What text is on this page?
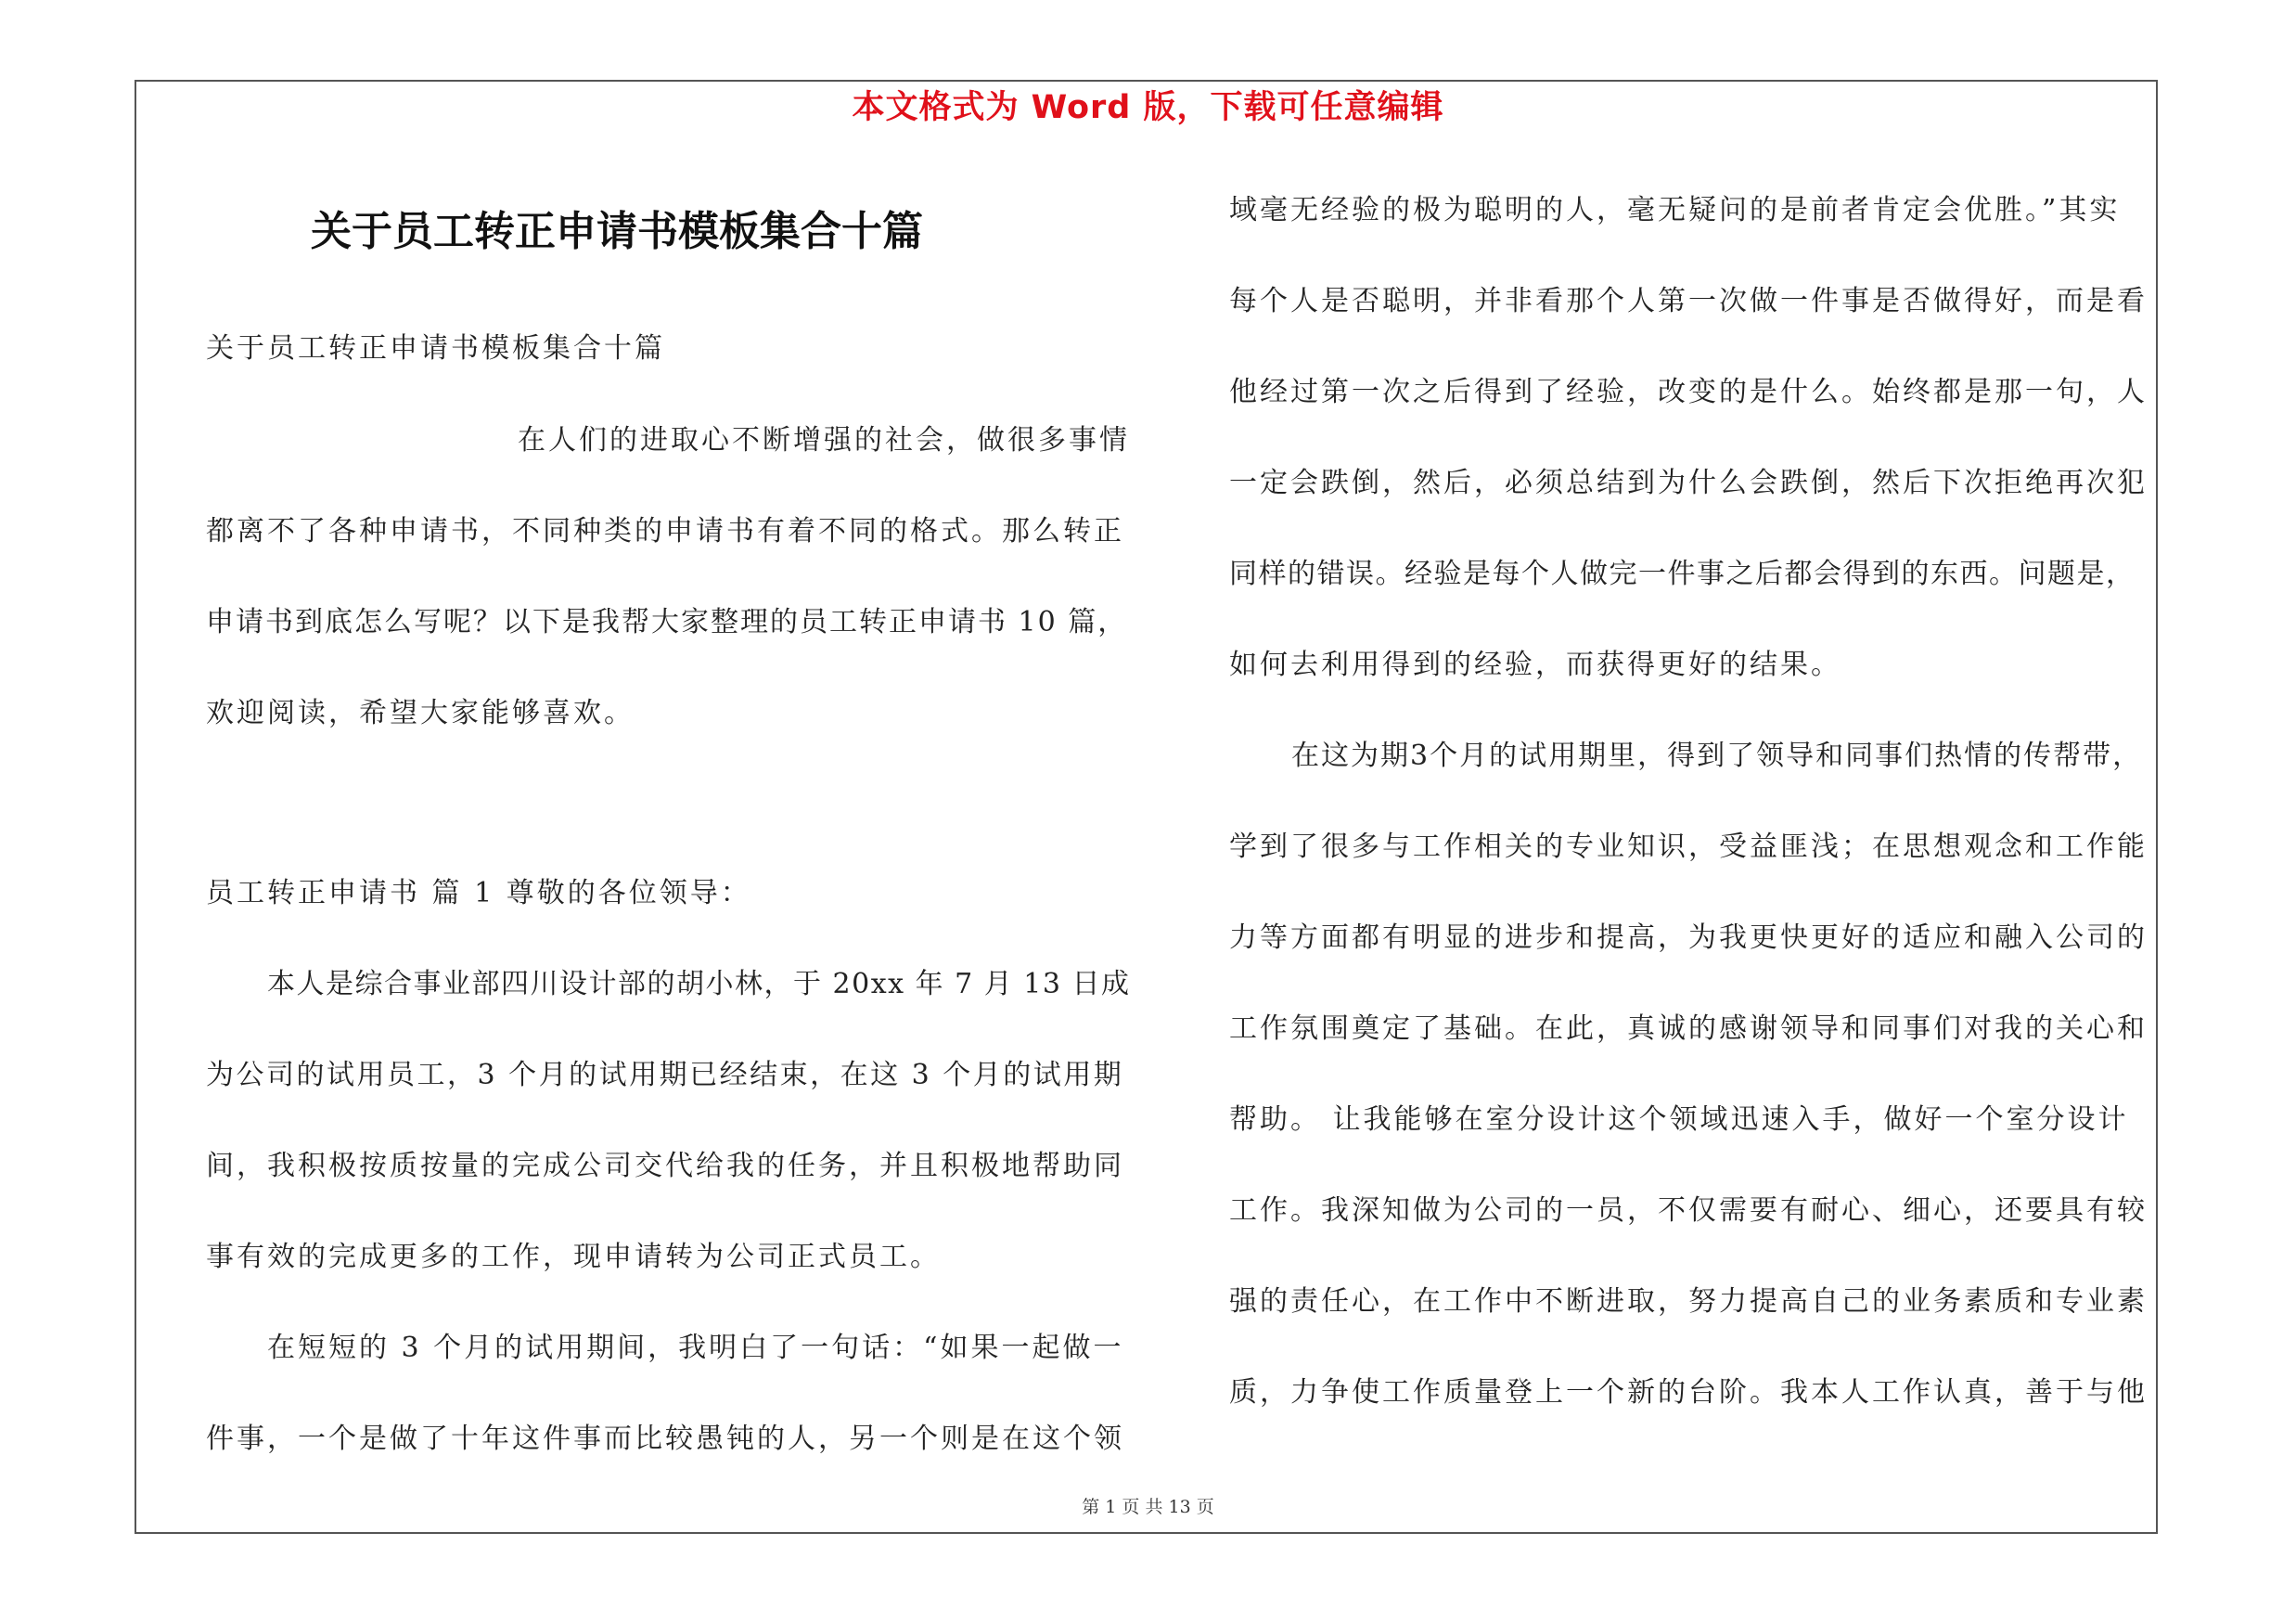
本文格式为 Word 版，下载可任意编辑
关于员工转正申请书模板集合十篇
关于员工转正申请书模板集合十篇
在人们的进取心不断增强的社会，做很多事情
都离不了各种申请书，不同种类的申请书有着不同的格式。那么转正
申请书到底怎么写呢？以下是我帮大家整理的员工转正申请书 10 篇，
欢迎阅读，希望大家能够喜欢。
员工转正申请书 篇 1 尊敬的各位领导：
本人是综合事业部四川设计部的胡小林，于 20xx 年 7 月 13 日成
为公司的试用员工，3 个月的试用期已经结束，在这 3 个月的试用期
间，我积极按质按量的完成公司交代给我的任务，并且积极地帮助同
事有效的完成更多的工作，现申请转为公司正式员工。
在短短的 3 个月的试用期间，我明白了一句话：“如果一起做一
件事，一个是做了十年这件事而比较愚钝的人，另一个则是在这个领
域毫无经验的极为聪明的人，毫无疑问的是前者肯定会优胜。”其实
每个人是否聪明，并非看那个人第一次做一件事是否做得好，而是看
他经过第一次之后得到了经验，改变的是什么。始终都是那一句，人
一定会跌倒，然后，必须总结到为什么会跌倒，然后下次拒绝再次犯
同样的错误。经验是每个人做完一件事之后都会得到的东西。问题是，
如何去利用得到的经验，而获得更好的结果。
在这为期3个月的试用期里，得到了领导和同事们热情的传帮带，
学到了很多与工作相关的专业知识，受益匪浅；在思想观念和工作能
力等方面都有明显的进步和提高，为我更快更好的适应和融入公司的
工作氛围奠定了基础。在此，真诚的感谢领导和同事们对我的关心和
帮助。 让我能够在室分设计这个领域迅速入手，做好一个室分设计
工作。我深知做为公司的一员，不仅需要有耐心、细心，还要具有较
强的责任心，在工作中不断进取，努力提高自己的业务素质和专业素
质，力争使工作质量登上一个新的台阶。我本人工作认真，善于与他
第 1 页 共 13 页
